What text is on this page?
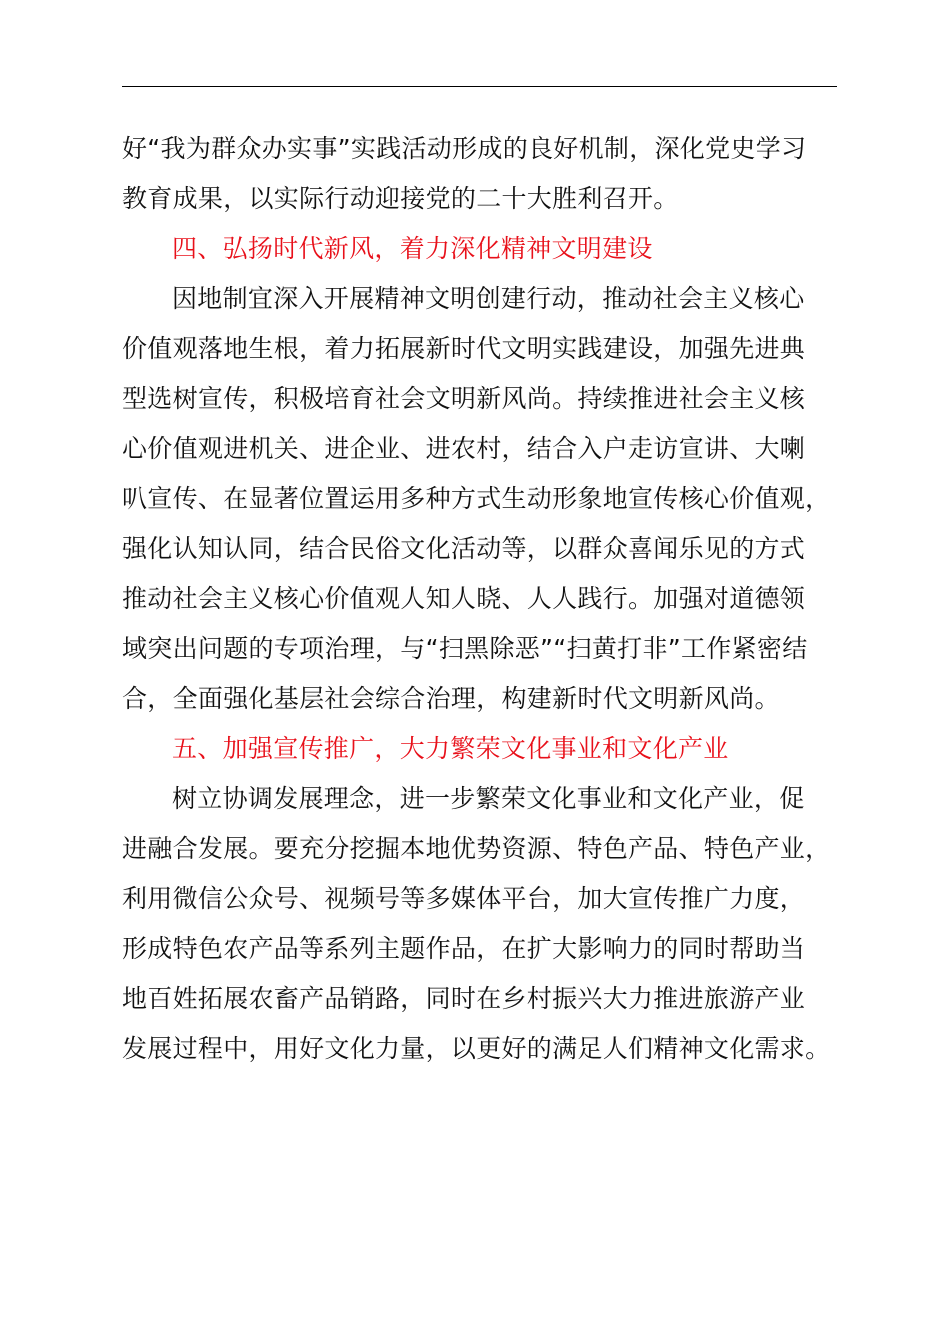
好“我为群众办实事”实践活动形成的良好机制，深化党史学习
教育成果，以实际行动迎接党的二十大胜利召开。
四、弘扬时代新风，着力深化精神文明建设
因地制宜深入开展精神文明创建行动，推动社会主义核心
价值观落地生根，着力拓展新时代文明实践建设，加强先进典
型选树宣传，积极培育社会文明新风尚。持续推进社会主义核
心价值观进机关、进企业、进农村，结合入户走访宣讲、大喇
叭宣传、在显著位置运用多种方式生动形象地宣传核心价值观，
强化认知认同，结合民俗文化活动等，以群众喜闻乐见的方式
推动社会主义核心价值观人知人晓、人人践行。加强对道德领
域突出问题的专项治理，与“扫黑除恶”“扫黄打非”工作紧密结
合，全面强化基层社会综合治理，构建新时代文明新风尚。
五、加强宣传推广，大力繁荣文化事业和文化产业
树立协调发展理念，进一步繁荣文化事业和文化产业，促
进融合发展。要充分挖掘本地优势资源、特色产品、特色产业，
利用微信公众号、视频号等多媒体平台，加大宣传推广力度，
形成特色农产品等系列主题作品，在扩大影响力的同时帮助当
地百姓拓展农畜产品销路，同时在乡村振兴大力推进旅游产业
发展过程中，用好文化力量，以更好的满足人们精神文化需求。
